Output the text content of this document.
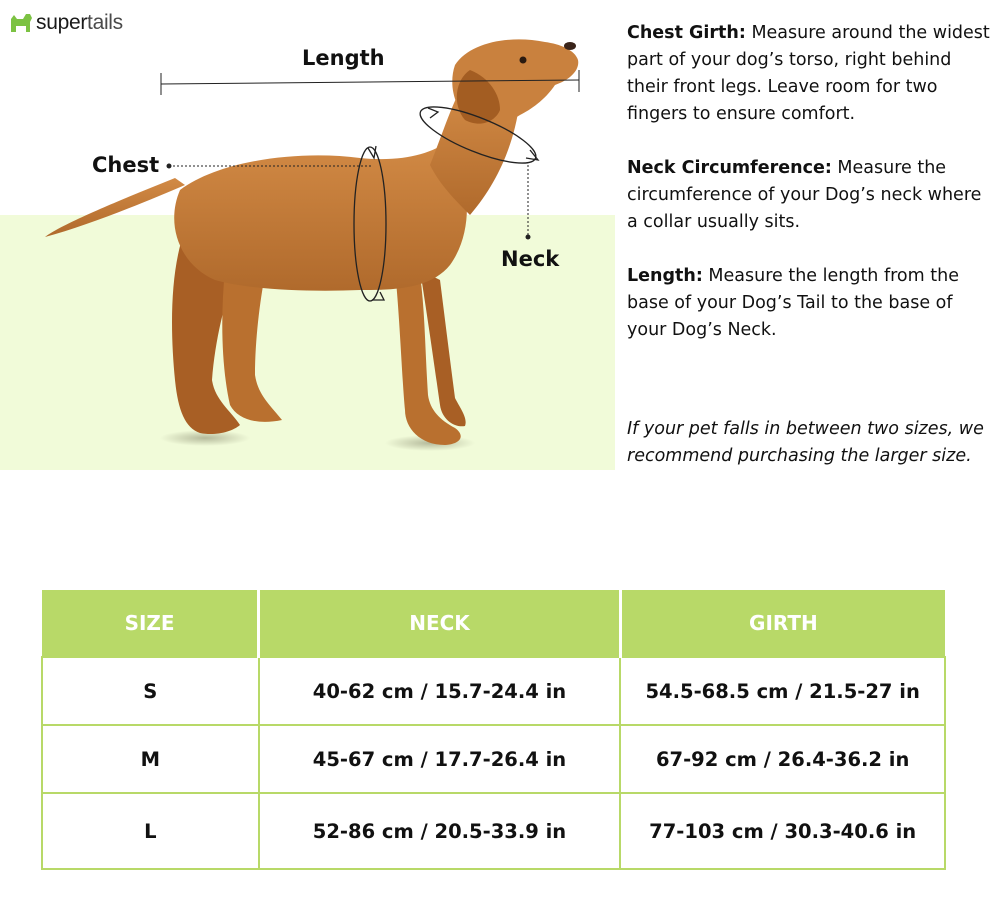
supertails
Length
Chest
Neck

Chest Girth: Measure around the widest part of your dog’s torso, right behind their front legs. Leave room for two fingers to ensure comfort.

Neck Circumference: Measure the circumference of your Dog’s neck where a collar usually sits.

Length: Measure the length from the base of your Dog’s Tail to the base of your Dog’s Neck.

If your pet falls in between two sizes, we recommend purchasing the larger size.
SIZE	NECK	GIRTH
S	40-62 cm / 15.7-24.4 in	54.5-68.5 cm / 21.5-27 in
M	45-67 cm / 17.7-26.4 in	67-92 cm / 26.4-36.2 in
L	52-86 cm / 20.5-33.9 in	77-103 cm / 30.3-40.6 in
